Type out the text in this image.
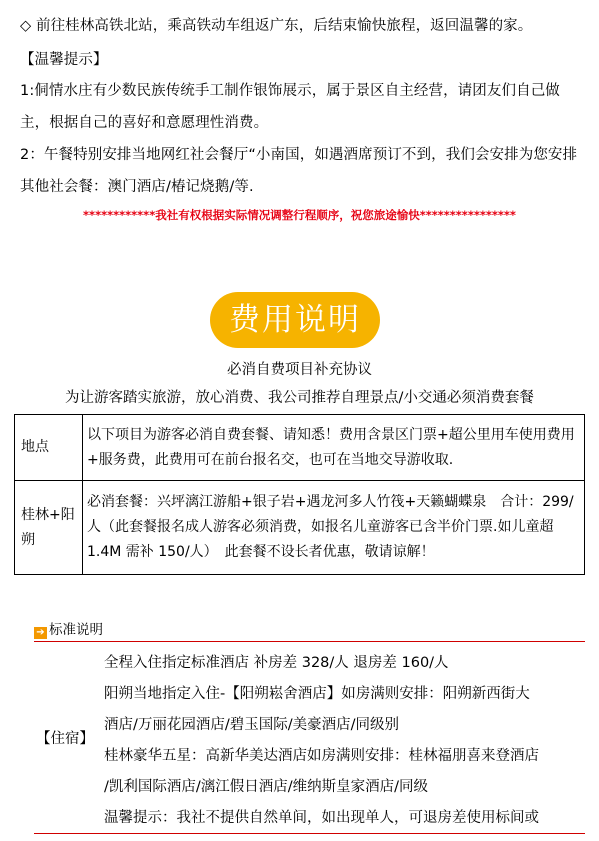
◇ 前往桂林高铁北站，乘高铁动车组返广东，后结束愉快旅程，返回温馨的家。
【温馨提示】
1:侗情水庄有少数民族传统手工制作银饰展示，属于景区自主经营，请团友们自己做主，根据自己的喜好和意愿理性消费。
2：午餐特别安排当地网红社会餐厅“小南国，如遇酒席预订不到，我们会安排为您安排其他社会餐：澳门酒店/椿记烧鹅/等.
************我社有权根据实际情况调整行程顺序，祝您旅途愉快****************
费用说明
必消自费项目补充协议
为让游客踏实旅游，放心消费、我公司推荐自理景点/小交通必须消费套餐
地点	以下项目为游客必消自费套餐、请知悉！费用含景区门票+超公里用车使用费用+服务费，此费用可在前台报名交，也可在当地交导游收取.
桂林+阳朔	必消套餐：兴坪漓江游船+银子岩+遇龙河多人竹筏+天籁蝴蝶泉　合计：299/人（此套餐报名成人游客必须消费，如报名儿童游客已含半价门票.如儿童超 1.4M 需补 150/人）　此套餐不设长者优惠，敬请谅解！
➔ 标准说明
【住宿】
全程入住指定标准酒店 补房差 328/人 退房差 160/人
阳朔当地指定入住-【阳朔崧舍酒店】如房满则安排：阳朔新西街大
酒店/万丽花园酒店/碧玉国际/美豪酒店/同级别
桂林豪华五星：高新华美达酒店如房满则安排：桂林福朋喜来登酒店
/凯利国际酒店/漓江假日酒店/维纳斯皇家酒店/同级
温馨提示：我社不提供自然单间，如出现单人，可退房差使用标间或
